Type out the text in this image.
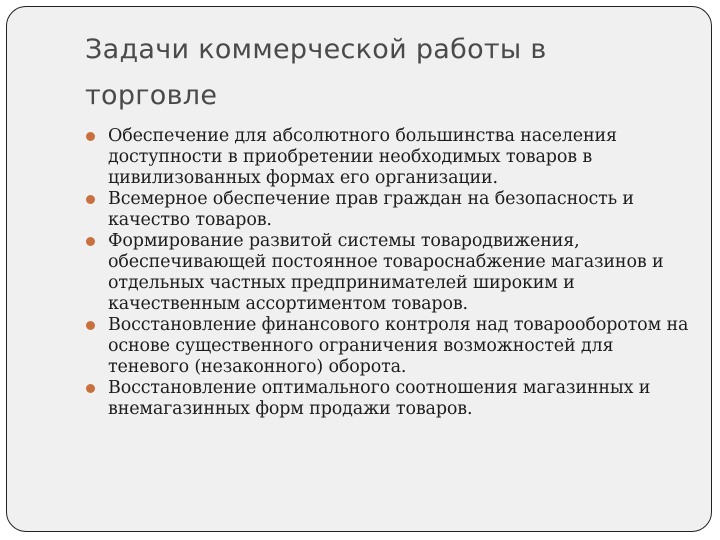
Задачи коммерческой работы в торговле
Обеспечение для абсолютного большинства населения доступности в приобретении необходимых товаров в цивилизованных формах его организации.
Всемерное обеспечение прав граждан на безопасность и качество товаров.
Формирование развитой системы товародвижения, обеспечивающей постоянное товароснабжение магазинов и отдельных частных предпринимателей широким и качественным ассортиментом товаров.
Восстановление финансового контроля над товарооборотом на основе существенного ограничения возможностей для теневого (незаконного) оборота.
Восстановление оптимального соотношения магазинных и внемагазинных форм продажи товаров.
